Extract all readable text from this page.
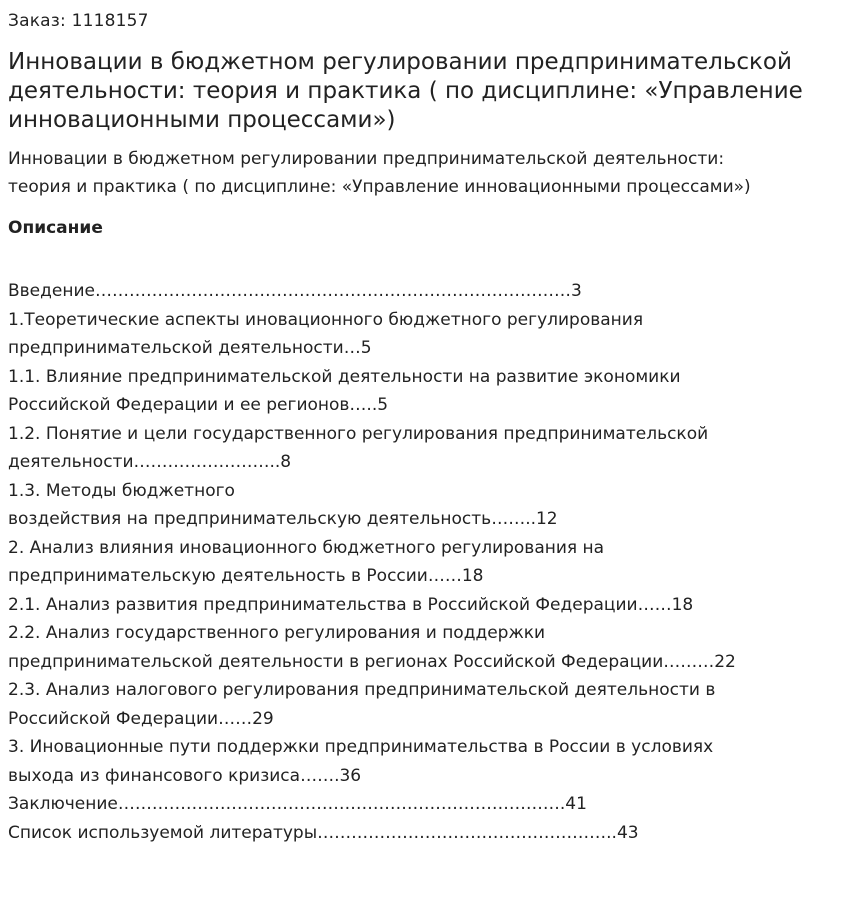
Заказ: 1118157

Инновации в бюджетном регулировании предпринимательской деятельности: теория и практика ( по дисциплине: «Управление инновационными процессами»)

Инновации в бюджетном регулировании предпринимательской деятельности:
теория и практика ( по дисциплине: «Управление инновационными процессами»)

Описание

Введение…………………………………………………………………………3

1.Теоретические аспекты иновационного бюджетного регулирования

предпринимательской деятельности…5

1.1. Влияние предпринимательской деятельности на развитие экономики

Российской Федерации и ее регионов…..5

1.2. Понятие и цели государственного регулирования предпринимательской

деятельности……………………..8

1.3. Методы бюджетного

воздействия на предпринимательскую деятельность……..12

2. Анализ влияния иновационного бюджетного регулирования на

предпринимательскую деятельность в России……18

2.1. Анализ развития предпринимательства в Российской Федерации……18

2.2. Анализ государственного регулирования и поддержки

предпринимательской деятельности в регионах Российской Федерации………22

2.3. Анализ налогового регулирования предпринимательской деятельности в

Российской Федерации……29

3. Иновационные пути поддержки предпринимательства в России в условиях

выхода из финансового кризиса…….36

Заключение…………………………………………………………………….41

Список используемой литературы……………………………………………..43
